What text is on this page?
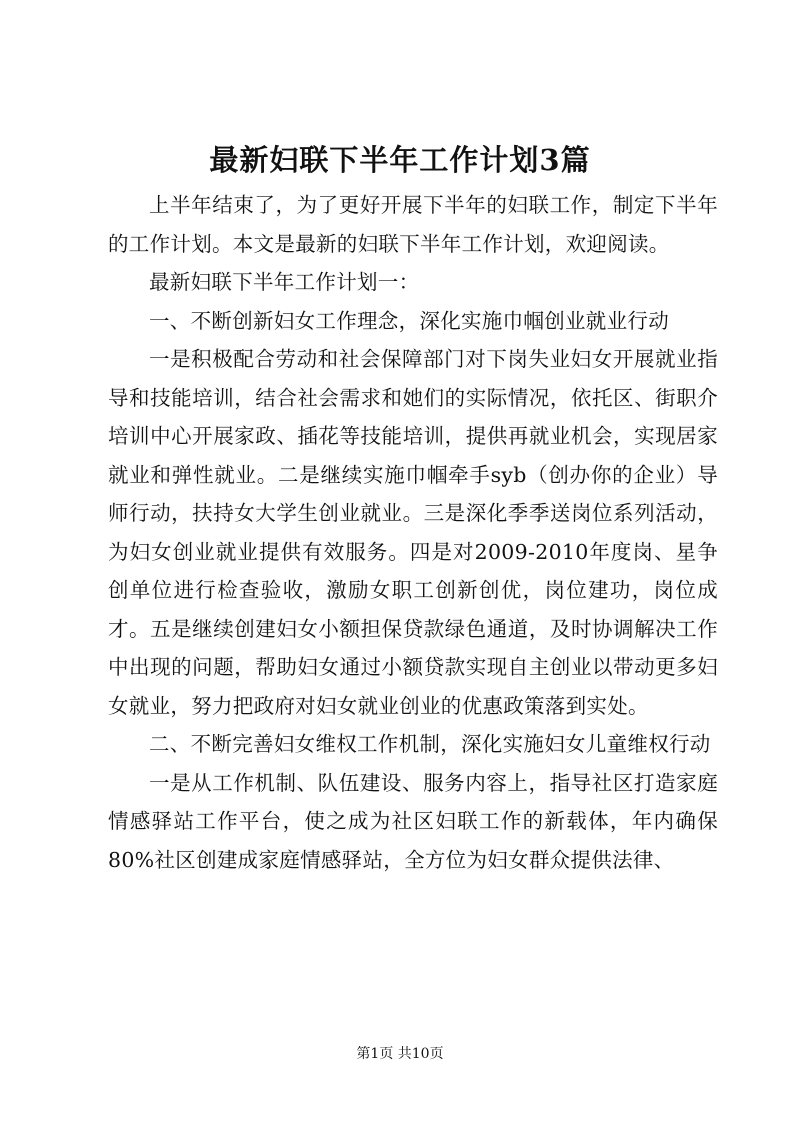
最新妇联下半年工作计划3篇

上半年结束了，为了更好开展下半年的妇联工作，制定下半年的工作计划。本文是最新的妇联下半年工作计划，欢迎阅读。

最新妇联下半年工作计划一：

一、不断创新妇女工作理念，深化实施巾帼创业就业行动

一是积极配合劳动和社会保障部门对下岗失业妇女开展就业指导和技能培训，结合社会需求和她们的实际情况，依托区、街职介培训中心开展家政、插花等技能培训，提供再就业机会，实现居家就业和弹性就业。二是继续实施巾帼牵手syb（创办你的企业）导师行动，扶持女大学生创业就业。三是深化季季送岗位系列活动，为妇女创业就业提供有效服务。四是对2009-2010年度岗、星争创单位进行检查验收，激励女职工创新创优，岗位建功，岗位成才。五是继续创建妇女小额担保贷款绿色通道，及时协调解决工作中出现的问题，帮助妇女通过小额贷款实现自主创业以带动更多妇女就业，努力把政府对妇女就业创业的优惠政策落到实处。

二、不断完善妇女维权工作机制，深化实施妇女儿童维权行动

一是从工作机制、队伍建设、服务内容上，指导社区打造家庭情感驿站工作平台，使之成为社区妇联工作的新载体，年内确保80%社区创建成家庭情感驿站，全方位为妇女群众提供法律、

第1页 共10页
